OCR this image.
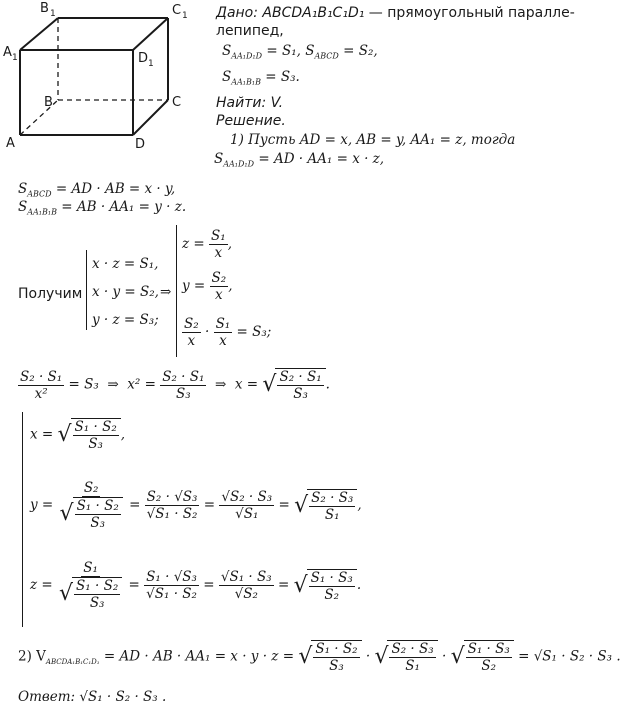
B 1	C 1
A 1	D 1
B	C
A	D
Дано: ABCDA₁B₁C₁D₁ — прямоугольный паралле-
лепипед,
$S_{AA_1D_1D} = S_1$, $S_{ABCD} = S_2$,
$S_{AA_1B_1B} = S_3$.
Найти: V.
Решение.
1) Пусть AD = x, AB = y, AA₁ = z, тогда
$S_{AA_1D_1D}$ = AD · AA₁ = x · z,
$S_{ABCD}$ = AD · AB = x · y,
$S_{AA_1B_1B}$ = AB · AA₁ = y · z.
Получим
x · z = S₁,
x · y = S₂,
y · z = S₃;
⇒
$z = \frac{\text{S₁}}{x}$ ,
$y = \frac{\text{S₂}}{x}$ ,
$\frac{\text{S₂}}{x} \cdot \frac{\text{S₁}}{x} = S_3$;
$\frac{\text{S₂ · S₁}}{\text{x²}} = S_3$ ⇒ $x^2 = \frac{\text{S₂ · S₁}}{\text{S₃}}$ ⇒ x = √ $\frac{\text{S₂ · S₁}}{\text{S₃}}$ .
x = √ $\frac{\text{S₁ · S₂}}{\text{S₃}}$ ,
$y = \frac{\text{S₂}}{√ \frac{\text{S₁ · S₂}}{\text{S₃}}} = \frac{\text{S₂ · √S₃}}{\text{√S₁ · S₂}} = \frac{\text{√S₂ · S₃}}{\text{√S₁}}$ = √ $\frac{\text{S₂ · S₃}}{\text{S₁}}$ ,
$z = \frac{\text{S₁}}{√ \frac{\text{S₁ · S₂}}{\text{S₃}}} = \frac{\text{S₁ · √S₃}}{\text{√S₁ · S₂}} = \frac{\text{√S₁ · S₃}}{\text{√S₂}}$ = √ $\frac{\text{S₁ · S₃}}{\text{S₂}}$ .
2) $V_{ABCDA_1B_1C_1D_1}$ = AD · AB · AA₁ = x · y · z = √ $\frac{\text{S₁ · S₂}}{\text{S₃}}$ · √ $\frac{\text{S₂ · S₃}}{\text{S₁}}$ · √ $\frac{\text{S₁ · S₃}}{\text{S₂}} = √S_1 \cdot S_2 \cdot S_3$ .
Ответ: √S₁ · S₂ · S₃ .
